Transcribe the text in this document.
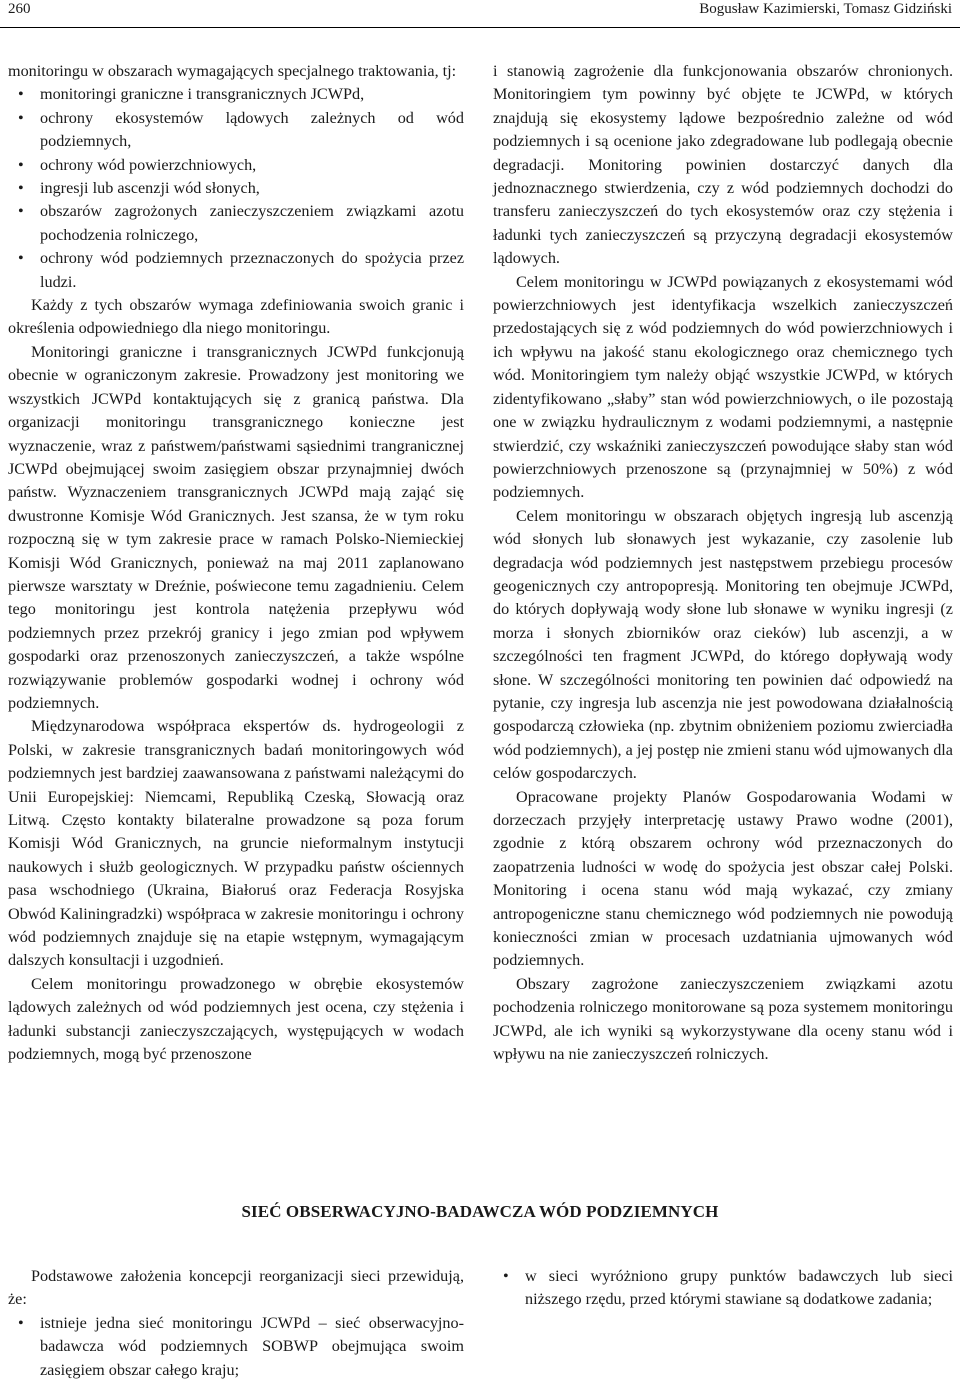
260	Bogusław Kazimierski, Tomasz Gidziński

monitoringu w obszarach wymagających specjalnego traktowania, tj:

• monitoringi graniczne i transgranicznych JCWPd,
• ochrony ekosystemów lądowych zależnych od wód podziemnych,
• ochrony wód powierzchniowych,
• ingresji lub ascenzji wód słonych,
• obszarów zagrożonych zanieczyszczeniem związkami azotu pochodzenia rolniczego,
• ochrony wód podziemnych przeznaczonych do spożycia przez ludzi.

Każdy z tych obszarów wymaga zdefiniowania swoich granic i określenia odpowiedniego dla niego monitoringu.

Monitoringi graniczne i transgranicznych JCWPd funkcjonują obecnie w ograniczonym zakresie. Prowadzony jest monitoring we wszystkich JCWPd kontaktujących się z granicą państwa. Dla organizacji monitoringu transgranicznego konieczne jest wyznaczenie, wraz z państwem/państwami sąsiednimi trangranicznej JCWPd obejmującej swoim zasięgiem obszar przynajmniej dwóch państw. Wyznaczeniem transgranicznych JCWPd mają zająć się dwustronne Komisje Wód Granicznych. Jest szansa, że w tym roku rozpoczną się w tym zakresie prace w ramach Polsko-Niemieckiej Komisji Wód Granicznych, ponieważ na maj 2011 zaplanowano pierwsze warsztaty w Dreźnie, poświecone temu zagadnieniu. Celem tego monitoringu jest kontrola natężenia przepływu wód podziemnych przez przekrój granicy i jego zmian pod wpływem gospodarki oraz przenoszonych zanieczyszczeń, a także wspólne rozwiązywanie problemów gospodarki wodnej i ochrony wód podziemnych.

Międzynarodowa współpraca ekspertów ds. hydrogeologii z Polski, w zakresie transgranicznych badań monitoringowych wód podziemnych jest bardziej zaawansowana z państwami należącymi do Unii Europejskiej: Niemcami, Republiką Czeską, Słowacją oraz Litwą. Często kontakty bilateralne prowadzone są poza forum Komisji Wód Granicznych, na gruncie nieformalnym instytucji naukowych i służb geologicznych. W przypadku państw ościennych pasa wschodniego (Ukraina, Białoruś oraz Federacja Rosyjska Obwód Kaliningradzki) współpraca w zakresie monitoringu i ochrony wód podziemnych znajduje się na etapie wstępnym, wymagającym dalszych konsultacji i uzgodnień.

Celem monitoringu prowadzonego w obrębie ekosystemów lądowych zależnych od wód podziemnych jest ocena, czy stężenia i ładunki substancji zanieczyszczających, występujących w wodach podziemnych, mogą być przenoszone

i stanowią zagrożenie dla funkcjonowania obszarów chronionych. Monitoringiem tym powinny być objęte te JCWPd, w których znajdują się ekosystemy lądowe bezpośrednio zależne od wód podziemnych i są ocenione jako zdegradowane lub podlegają obecnie degradacji. Monitoring powinien dostarczyć danych dla jednoznacznego stwierdzenia, czy z wód podziemnych dochodzi do transferu zanieczyszczeń do tych ekosystemów oraz czy stężenia i ładunki tych zanieczyszczeń są przyczyną degradacji ekosystemów lądowych.

Celem monitoringu w JCWPd powiązanych z ekosystemami wód powierzchniowych jest identyfikacja wszelkich zanieczyszczeń przedostających się z wód podziemnych do wód powierzchniowych i ich wpływu na jakość stanu ekologicznego oraz chemicznego tych wód. Monitoringiem tym należy objąć wszystkie JCWPd, w których zidentyfikowano „słaby” stan wód powierzchniowych, o ile pozostają one w związku hydraulicznym z wodami podziemnymi, a następnie stwierdzić, czy wskaźniki zanieczyszczeń powodujące słaby stan wód powierzchniowych przenoszone są (przynajmniej w 50%) z wód podziemnych.

Celem monitoringu w obszarach objętych ingresją lub ascenzją wód słonych lub słonawych jest wykazanie, czy zasolenie lub degradacja wód podziemnych jest następstwem przebiegu procesów geogenicznych czy antropopresją. Monitoring ten obejmuje JCWPd, do których dopływają wody słone lub słonawe w wyniku ingresji (z morza i słonych zbiorników oraz cieków) lub ascenzji, a w szczególności ten fragment JCWPd, do którego dopływają wody słone. W szczególności monitoring ten powinien dać odpowiedź na pytanie, czy ingresja lub ascenzja nie jest powodowana działalnością gospodarczą człowieka (np. zbytnim obniżeniem poziomu zwierciadła wód podziemnych), a jej postęp nie zmieni stanu wód ujmowanych dla celów gospodarczych.

Opracowane projekty Planów Gospodarowania Wodami w dorzeczach przyjęły interpretację ustawy Prawo wodne (2001), zgodnie z którą obszarem ochrony wód przeznaczonych do zaopatrzenia ludności w wodę do spożycia jest obszar całej Polski. Monitoring i ocena stanu wód mają wykazać, czy zmiany antropogeniczne stanu chemicznego wód podziemnych nie powodują konieczności zmian w procesach uzdatniania ujmowanych wód podziemnych.

Obszary zagrożone zanieczyszczeniem związkami azotu pochodzenia rolniczego monitorowane są poza systemem monitoringu JCWPd, ale ich wyniki są wykorzystywane dla oceny stanu wód i wpływu na nie zanieczyszczeń rolniczych.

SIEĆ OBSERWACYJNO-BADAWCZA WÓD PODZIEMNYCH

Podstawowe założenia koncepcji reorganizacji sieci przewidują, że:

• istnieje jedna sieć monitoringu JCWPd – sieć obserwacyjno-badawcza wód podziemnych SOBWP obejmująca swoim zasięgiem obszar całego kraju;
• w sieci wyróżniono grupy punktów badawczych lub sieci niższego rzędu, przed którymi stawiane są dodatkowe zadania;
